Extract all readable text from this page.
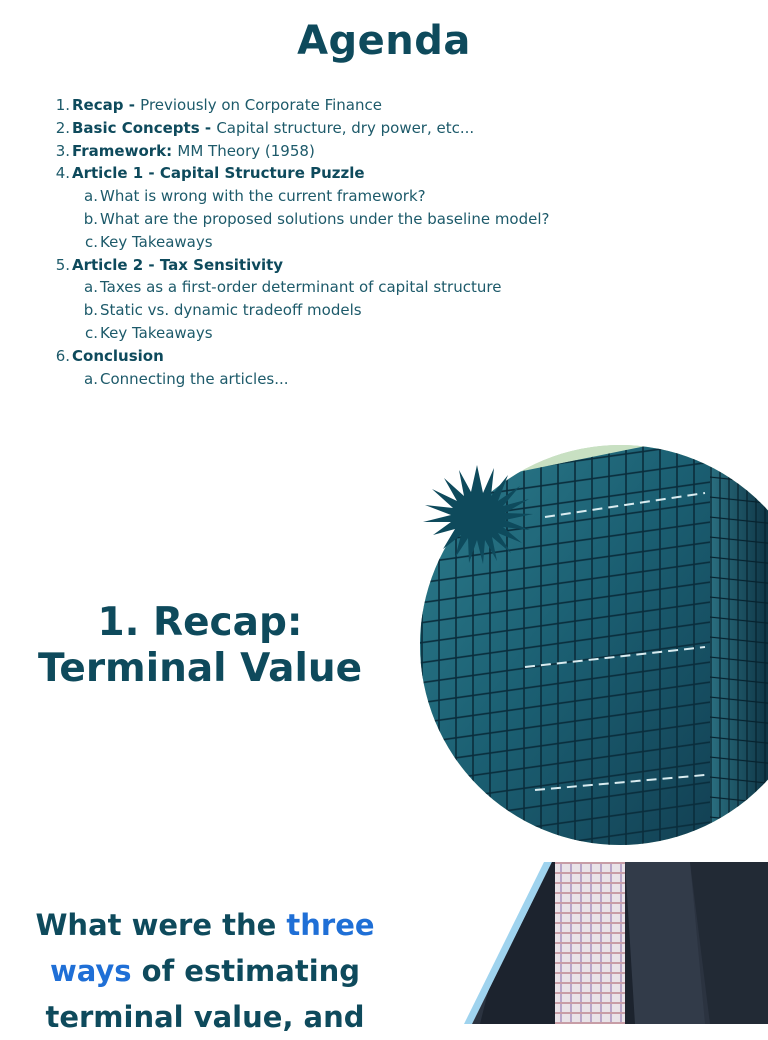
Agenda
1. Recap - Previously on Corporate Finance
2. Basic Concepts - Capital structure, dry power, etc...
3. Framework: MM Theory (1958)
4. Article 1 - Capital Structure Puzzle
a. What is wrong with the current framework?
b. What are the proposed solutions under the baseline model?
c. Key Takeaways
5. Article 2 - Tax Sensitivity
a. Taxes as a first-order determinant of capital structure
b. Static vs. dynamic tradeoff models
c. Key Takeaways
6. Conclusion
a. Connecting the articles...
1. Recap:
Terminal Value
What were the three
ways of estimating
terminal value, and
